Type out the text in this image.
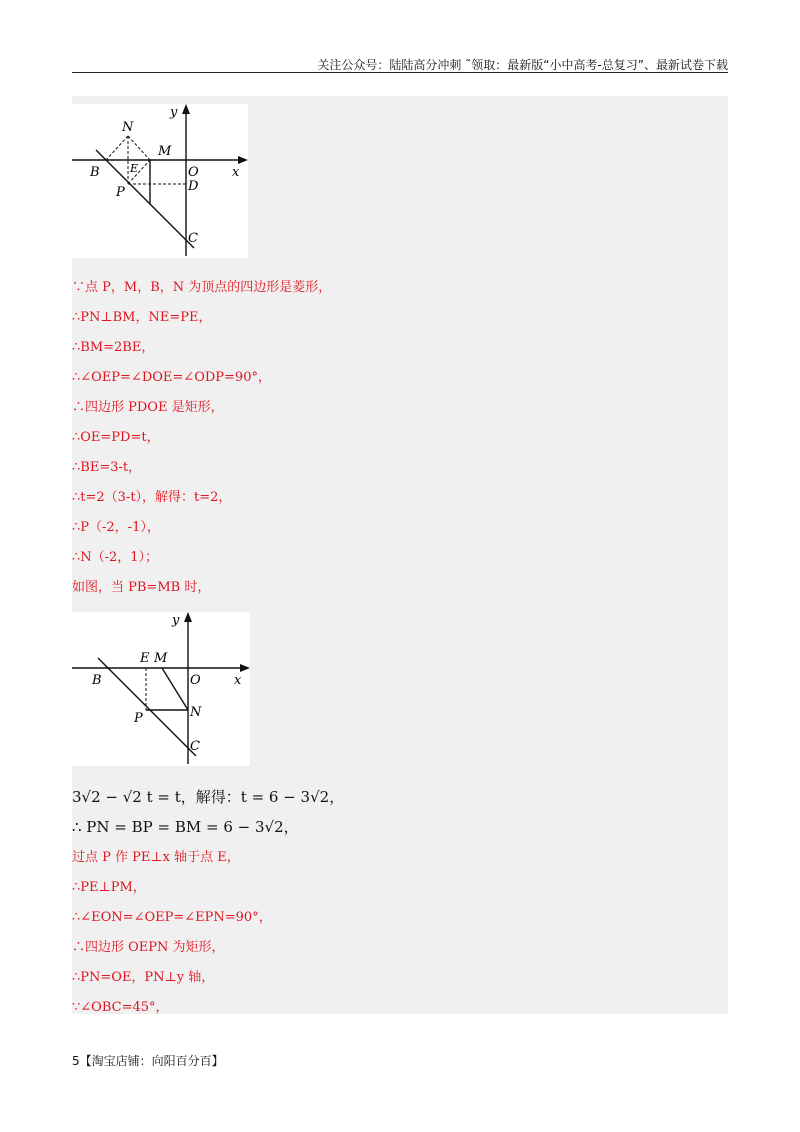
关注公众号：陆陆高分冲刺 ˜领取：最新版“小中高考-总复习”、最新试卷下载
y
N
M
B	E	O	x
P	D
C
∵点 P，M，B，N 为顶点的四边形是菱形，
∴PN⊥BM，NE=PE，
∴BM=2BE，
∴∠OEP=∠DOE=∠ODP=90°，
∴四边形 PDOE 是矩形，
∴OE=PD=t，
∴BE=3-t，
∴t=2（3-t），解得：t=2，
∴P（-2，-1），
∴N（-2，1）；
如图，当 PB=MB 时，
y
E M
B	O	x
N
P
C
3√2 − √2 t = t，解得：t = 6 − 3√2，
∴ PN = BP = BM = 6 − 3√2，
过点 P 作 PE⊥x 轴于点 E，
∴PE⊥PM，
∴∠EON=∠OEP=∠EPN=90°，
∴四边形 OEPN 为矩形，
∴PN=OE，PN⊥y 轴，
∵∠OBC=45°，
5【淘宝店铺：向阳百分百】
